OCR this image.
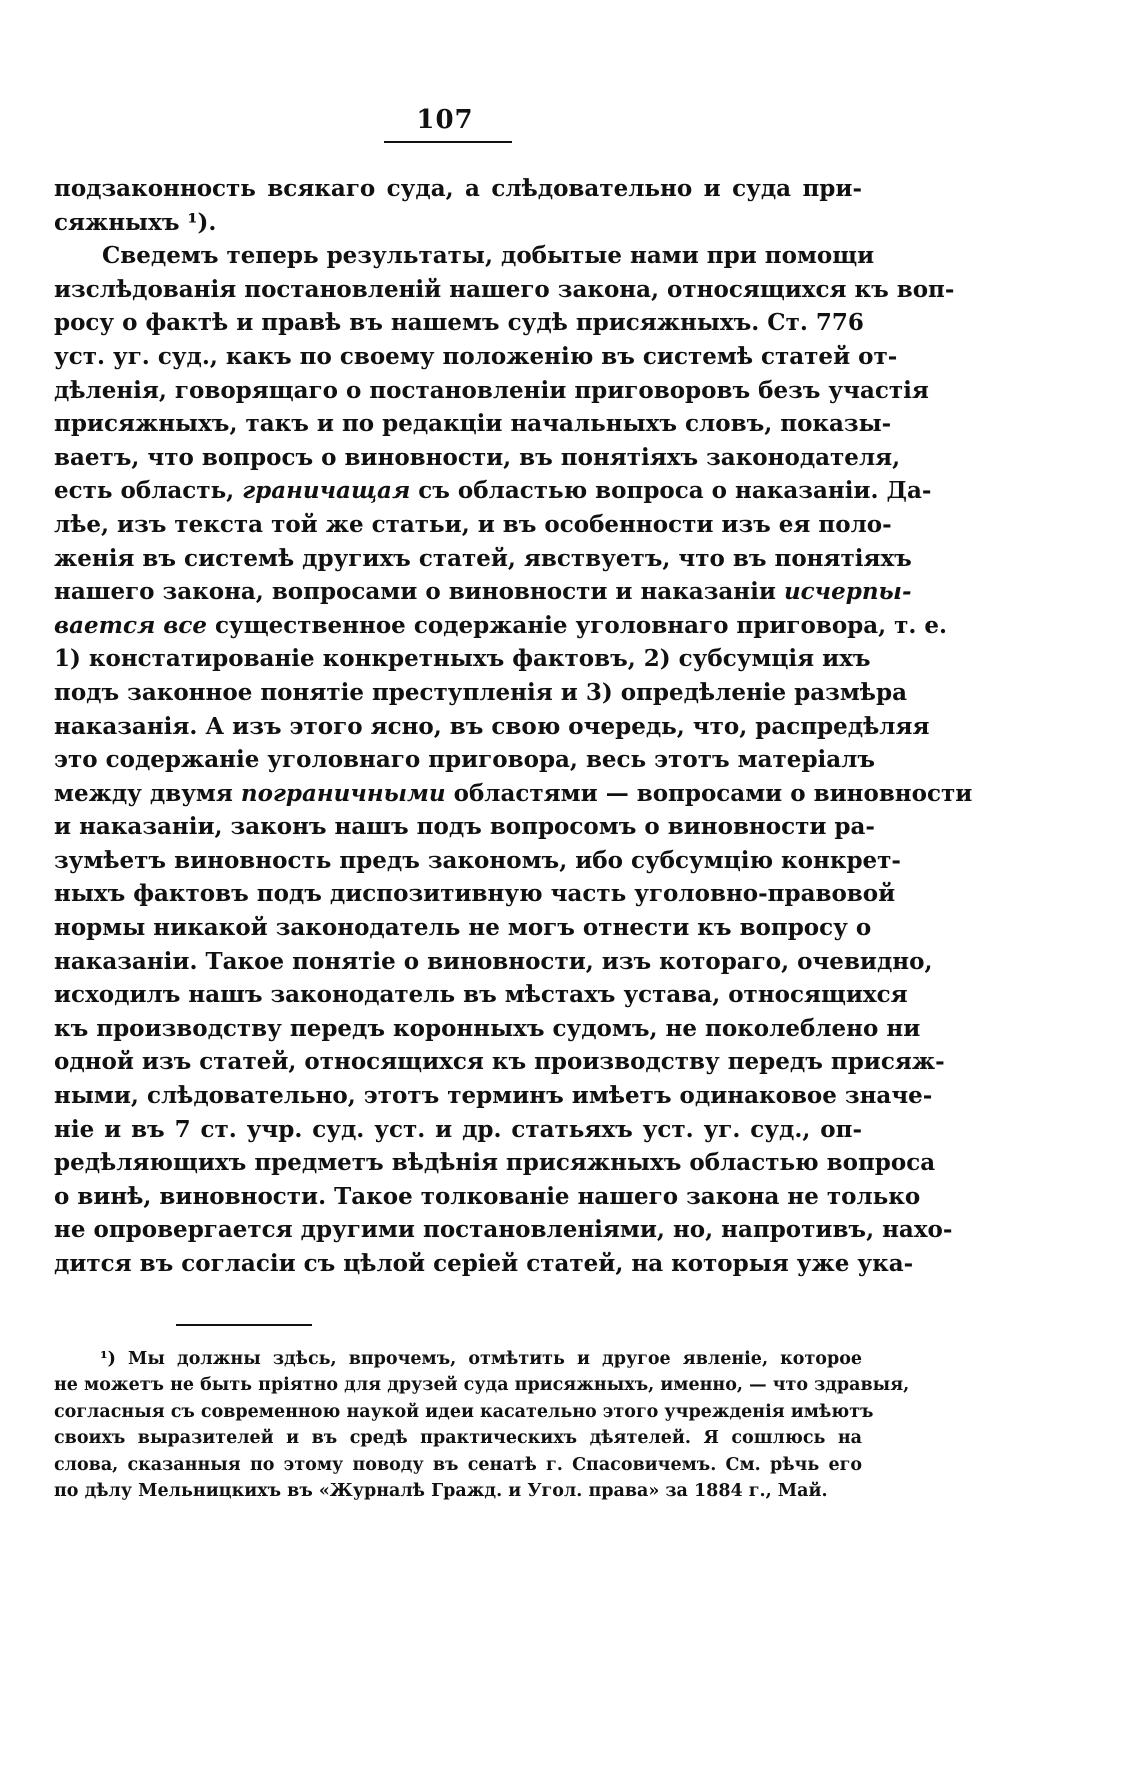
107
подзаконность всякаго суда, а слѣдовательно и суда при-
сяжныхъ ¹).
Сведемъ теперь результаты, добытые нами при помощи
изслѣдованія постановленій нашего закона, относящихся къ воп-
росу о фактѣ и правѣ въ нашемъ судѣ присяжныхъ. Ст. 776
уст. уг. суд., какъ по своему положенію въ системѣ статей от-
дѣленія, говорящаго о постановленіи приговоровъ безъ участія
присяжныхъ, такъ и по редакціи начальныхъ словъ, показы-
ваетъ, что вопросъ о виновности, въ понятіяхъ законодателя,
есть область, граничащая съ областью вопроса о наказаніи. Да-
лѣе, изъ текста той же статьи, и въ особенности изъ ея поло-
женія въ системѣ другихъ статей, явствуетъ, что въ понятіяхъ
нашего закона, вопросами о виновности и наказаніи исчерпы-
вается все существенное содержаніе уголовнаго приговора, т. е.
1) констатированіе конкретныхъ фактовъ, 2) субсумція ихъ
подъ законное понятіе преступленія и 3) опредѣленіе размѣра
наказанія. А изъ этого ясно, въ свою очередь, что, распредѣляя
это содержаніе уголовнаго приговора, весь этотъ матеріалъ
между двумя пограничными областями — вопросами о виновности
и наказаніи, законъ нашъ подъ вопросомъ о виновности ра-
зумѣетъ виновность предъ закономъ, ибо субсумцію конкрет-
ныхъ фактовъ подъ диспозитивную часть уголовно-правовой
нормы никакой законодатель не могъ отнести къ вопросу о
наказаніи. Такое понятіе о виновности, изъ котораго, очевидно,
исходилъ нашъ законодатель въ мѣстахъ устава, относящихся
къ производству передъ коронныхъ судомъ, не поколеблено ни
одной изъ статей, относящихся къ производству передъ присяж-
ными, слѣдовательно, этотъ терминъ имѣетъ одинаковое значе-
ніе и въ 7 ст. учр. суд. уст. и др. статьяхъ уст. уг. суд., оп-
редѣляющихъ предметъ вѣдѣнія присяжныхъ областью вопроса
о винѣ, виновности. Такое толкованіе нашего закона не только
не опровергается другими постановленіями, но, напротивъ, нахо-
дится въ согласіи съ цѣлой серіей статей, на которыя уже ука-
¹) Мы должны здѣсь, впрочемъ, отмѣтить и другое явленіе, которое
не можетъ не быть пріятно для друзей суда присяжныхъ, именно, — что здравыя,
согласныя съ современною наукой идеи касательно этого учрежденія имѣютъ
своихъ выразителей и въ средѣ практическихъ дѣятелей. Я сошлюсь на
слова, сказанныя по этому поводу въ сенатѣ г. Спасовичемъ. См. рѣчь его
по дѣлу Мельницкихъ въ «Журналѣ Гражд. и Угол. права» за 1884 г., Май.
